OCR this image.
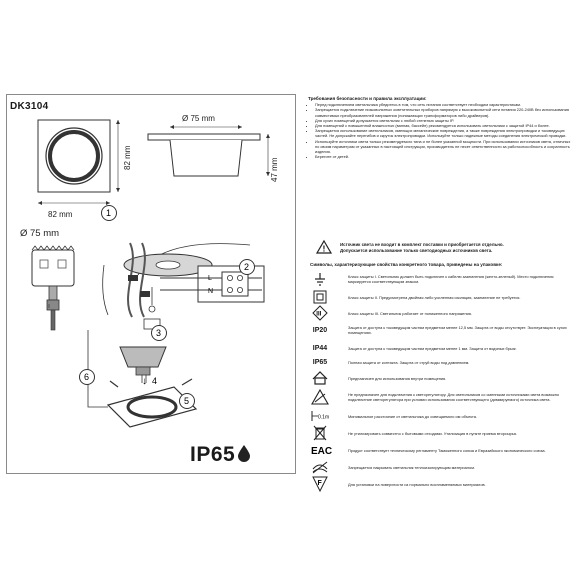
DK3104
82 mm
82 mm
Ø 75 mm
47 mm
Ø 75 mm
L
N
1
2
3
↓ 4
5
6
IP65
Требования безопасности и правила эксплуатации:
• Перед подключением светильника убедитесь в том, что сеть питания соответствует необходим характеристикам.
• Запрещается подключение низковольтных осветительных приборов напрямую к высоковольтной сети питания 220-240В без использования совместимых преобразователей напряжения (понижающих трансформаторов либо драйверов).
• Для сухих помещений допускается светильник с любой степенью защиты IP.
• Для помещений с повышенной влажностью (ванная, бассейн) рекомендуется использовать светильники с защитой IP44 и более.
• Запрещается использование светильников, имеющих механические повреждения, а также повреждения электропроводки и токоведущих частей. Не допускайте перегибов и скруток электропроводки. Используйте только надежные методы соединения электрической проводки.
• Используйте источники света только рекомендуемого типа и не более указанной мощности. При использовании источников света, отличных по своим параметрам от указанных в настоящей инструкции, производитель не несет ответственности за работоспособность и сохранность изделия.
• Берегите от детей.
!	Источник света не входит в комплект поставки и приобретается отдельно.
Допускается использование только светодиодных источников света.
Символы, характеризующие свойства конкретного товара, приведены на упаковке:
Класс защиты I. Светильник должен быть подключен к кабелю заземления (желто-зеленый). Место подключения маркируется соответствующим знаком.
Класс защиты II. Предусмотрена двойная либо усиленная изоляция, заземление не требуется.
III	Класс защиты III. Светильник работает от пониженного напряжения.
IP20	Защита от доступа к токоведущим частям предметом менее 12,5 мм. Защита от воды отсутствует. Эксплуатация в сухих помещениях.
IP44	Защита от доступа к токоведущим частям предметом менее 1 мм. Защита от водяных брызг.
IP65	Полная защита от контакта. Защита от струй воды под давлением.
Предназначен для использования внутри помещения.
Не предназначен для подключения к светорегулятору. Для светильников со сменными источниками света возможно подключение светорегулятора при условии использования соответствующего (диммируемого) источника света.
0.1m	Минимальное расстояние от светильника до освещаемого им объекта.
Не утилизировать совместно с бытовыми отходами. Утилизация в пункте приема вторсырья.
EAC	Продукт соответствует техническому регламенту Таможенного союза и Евразийского экономического союза.
Запрещается накрывать светильник теплоизолирующим материалом.
F	Для установки на поверхности из нормально воспламеняемых материалов.
